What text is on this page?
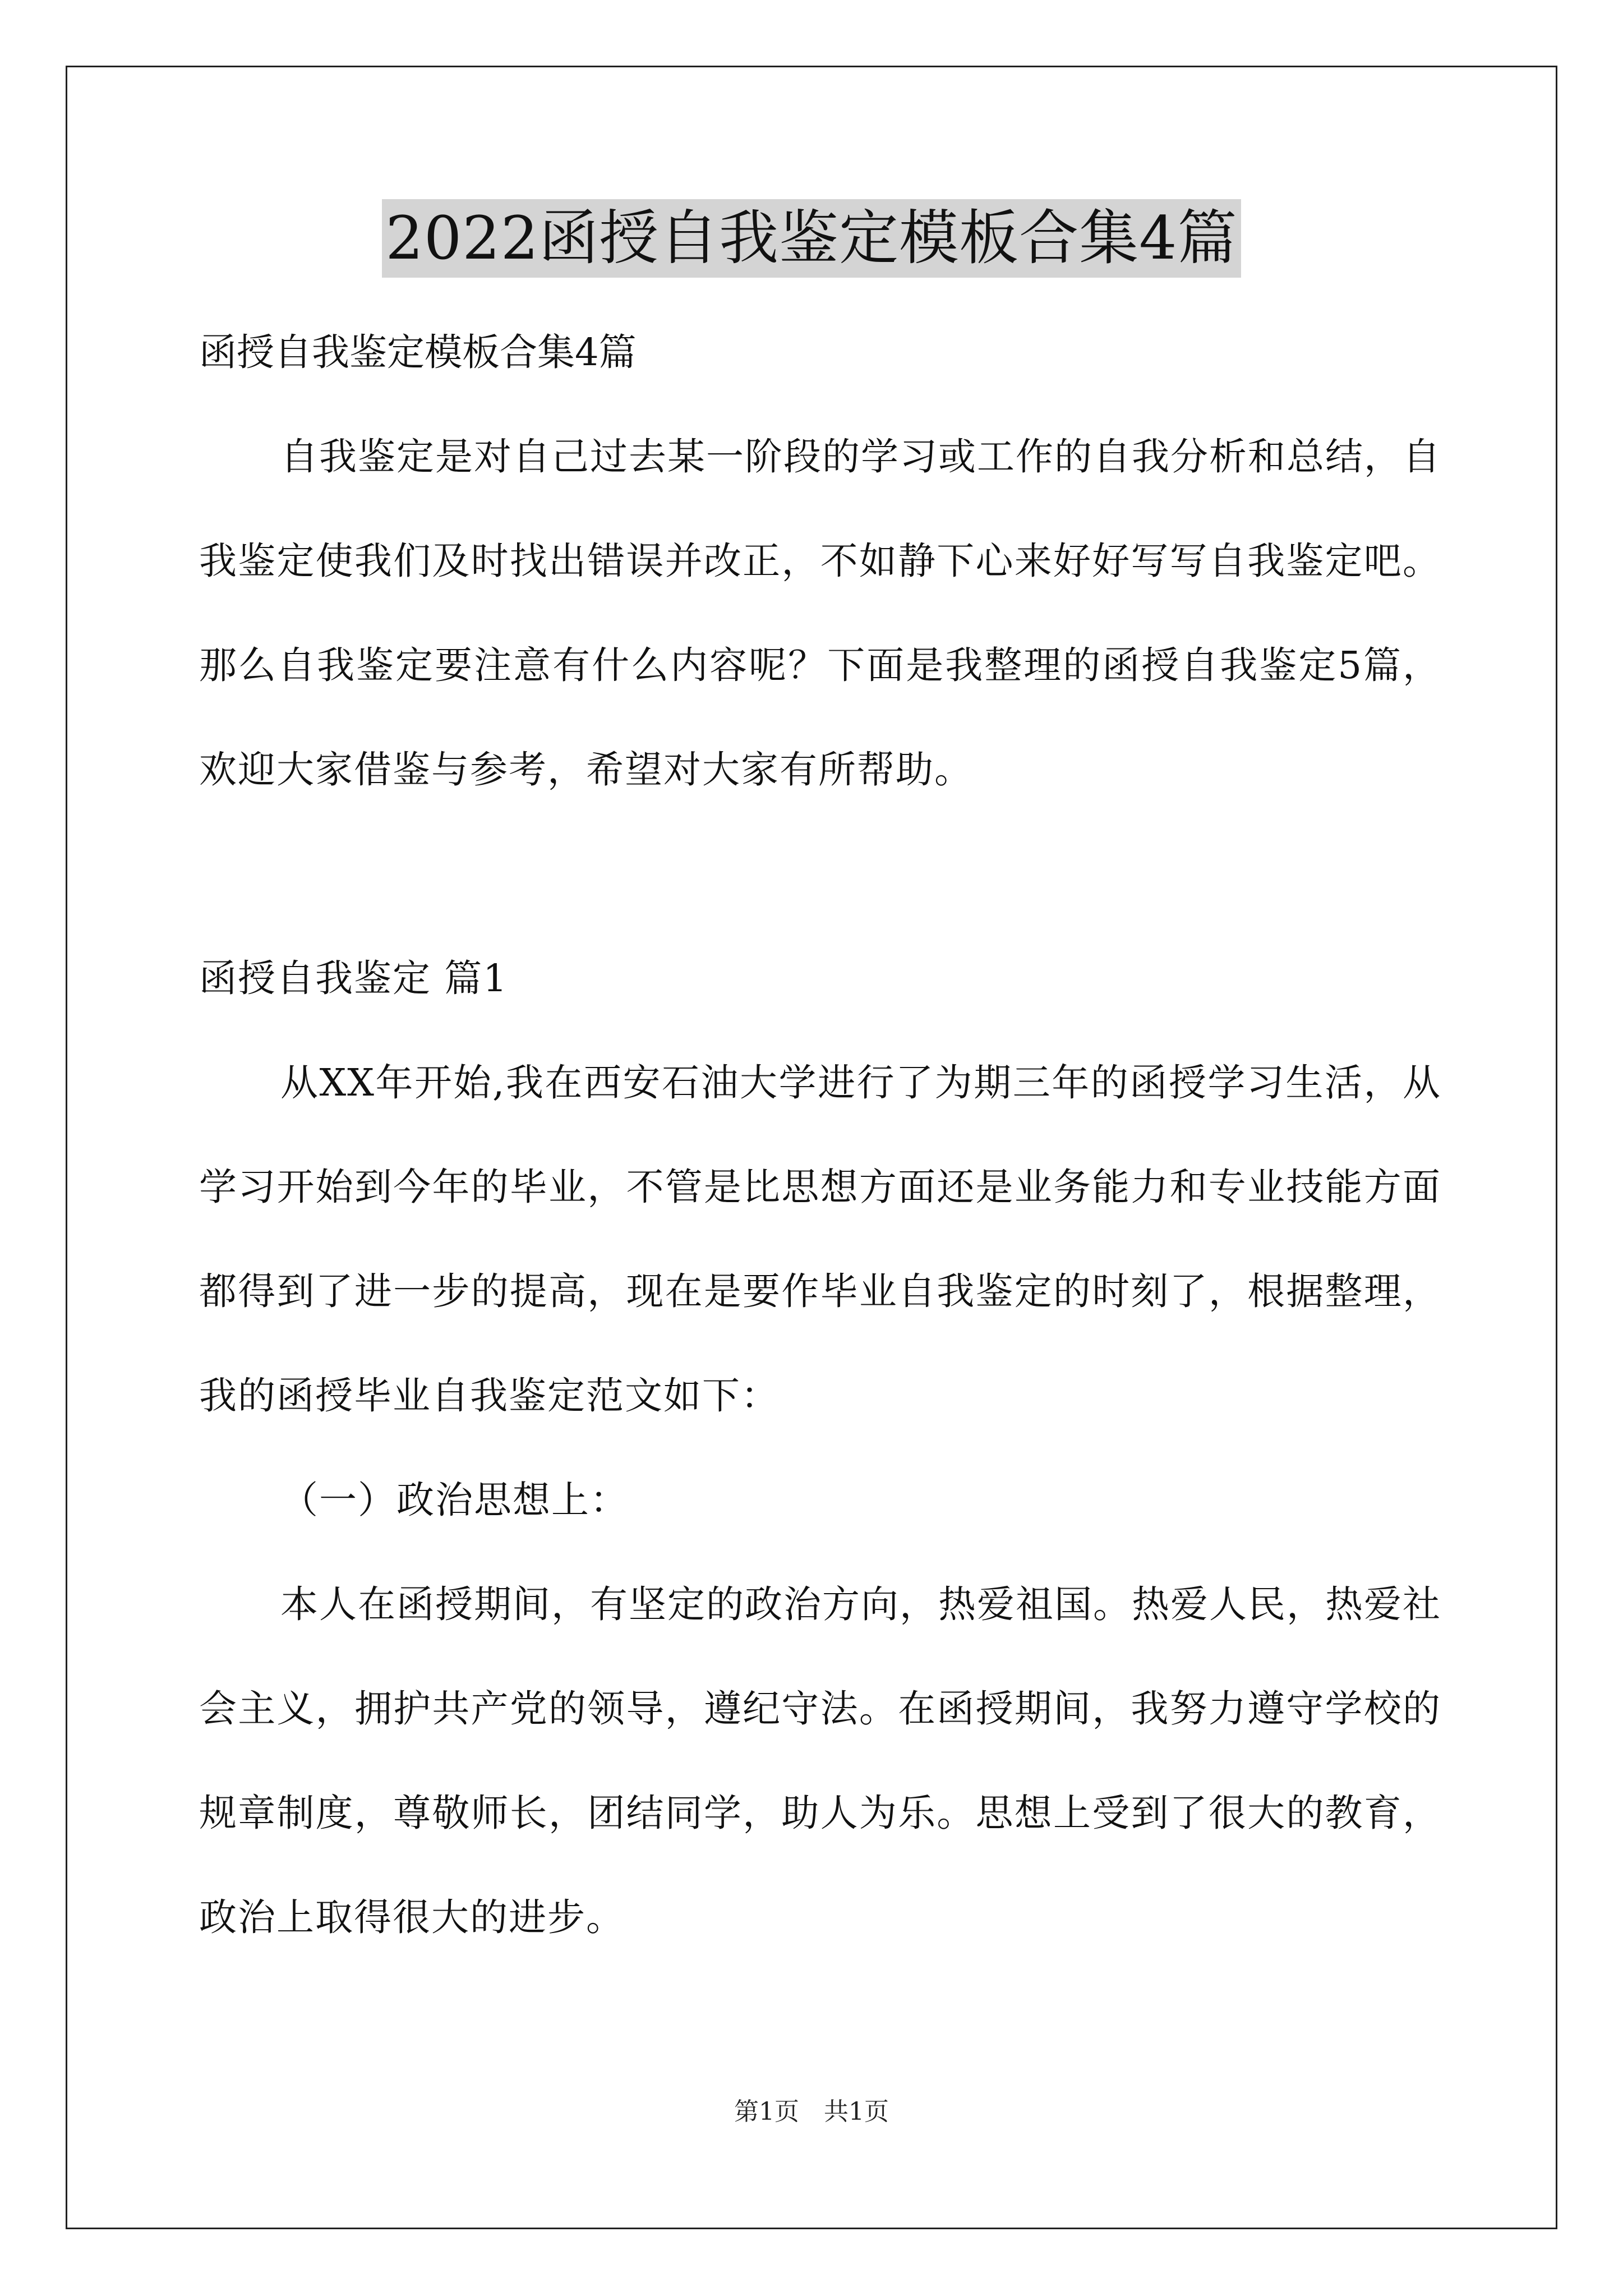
2022函授自我鉴定模板合集4篇

函授自我鉴定模板合集4篇

自我鉴定是对自己过去某一阶段的学习或工作的自我分析和总结，自我鉴定使我们及时找出错误并改正，不如静下心来好好写写自我鉴定吧。那么自我鉴定要注意有什么内容呢？下面是我整理的函授自我鉴定5篇，欢迎大家借鉴与参考，希望对大家有所帮助。

函授自我鉴定 篇1

从XX年开始,我在西安石油大学进行了为期三年的函授学习生活，从学习开始到今年的毕业，不管是比思想方面还是业务能力和专业技能方面都得到了进一步的提高，现在是要作毕业自我鉴定的时刻了，根据整理，我的函授毕业自我鉴定范文如下：

（一）政治思想上：

本人在函授期间，有坚定的政治方向，热爱祖国。热爱人民，热爱社会主义，拥护共产党的领导，遵纪守法。在函授期间，我努力遵守学校的规章制度，尊敬师长，团结同学，助人为乐。思想上受到了很大的教育，政治上取得很大的进步。

第1页　共1页
